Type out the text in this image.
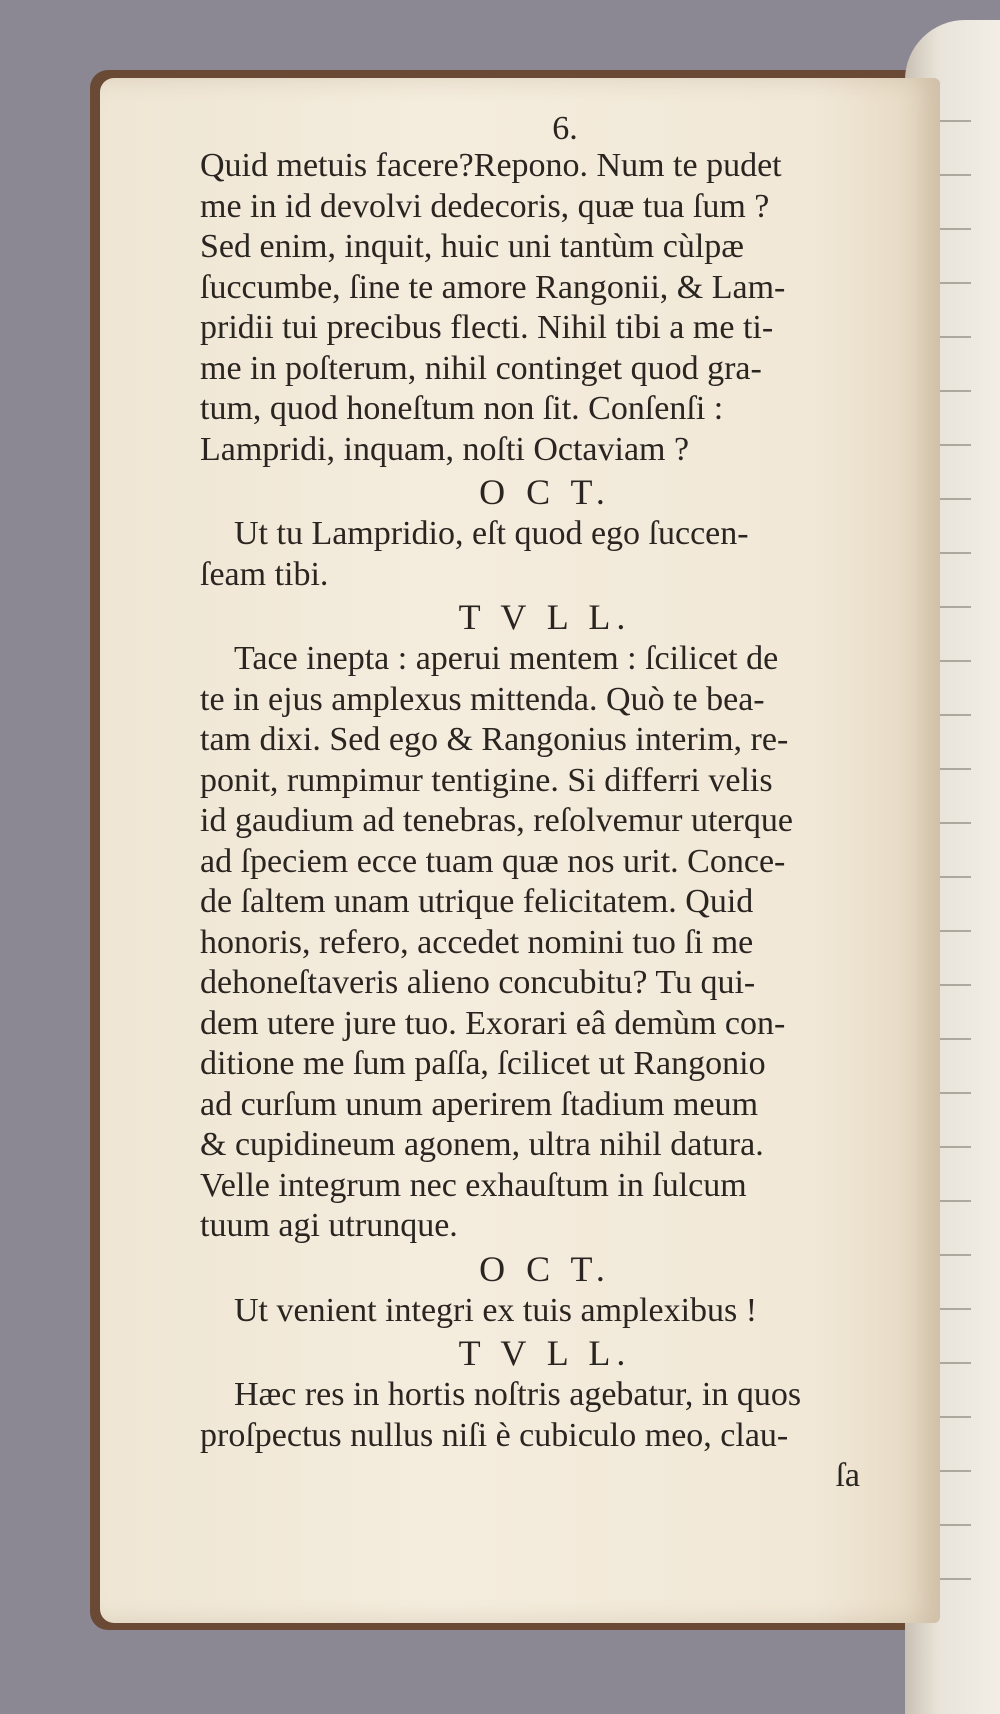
6.
Quid metuis facere?Repono. Num te pudet
me in id devolvi dedecoris, quæ tua ſum ?
Sed enim, inquit, huic uni tantùm cùlpæ
ſuccumbe, ſine te amore Rangonii, & Lam-
pridii tui precibus flecti. Nihil tibi a me ti-
me in poſterum, nihil continget quod gra-
tum, quod honeſtum non ſit. Conſenſi :
Lampridi, inquam, noſti Octaviam ?
O C T.
Ut tu Lampridio, eſt quod ego ſuccen-
ſeam tibi.
T V L L.
Tace inepta : aperui mentem : ſcilicet de
te in ejus amplexus mittenda. Quò te bea-
tam dixi. Sed ego & Rangonius interim, re-
ponit, rumpimur tentigine. Si differri velis
id gaudium ad tenebras, reſolvemur uterque
ad ſpeciem ecce tuam quæ nos urit. Conce-
de ſaltem unam utrique felicitatem. Quid
honoris, refero, accedet nomini tuo ſi me
dehoneſtaveris alieno concubitu? Tu qui-
dem utere jure tuo. Exorari eâ demùm con-
ditione me ſum paſſa, ſcilicet ut Rangonio
ad curſum unum aperirem ſtadium meum
& cupidineum agonem, ultra nihil datura.
Velle integrum nec exhauſtum in ſulcum
tuum agi utrunque.
O C T.
Ut venient integri ex tuis amplexibus !
T V L L.
Hæc res in hortis noſtris agebatur, in quos
proſpectus nullus niſi è cubiculo meo, clau-
ſa
